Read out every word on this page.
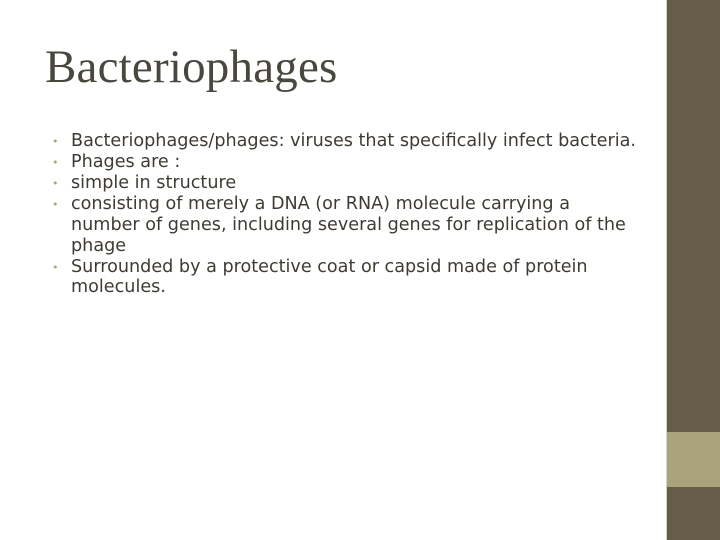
Bacteriophages
• Bacteriophages/phages: viruses that specifically infect bacteria.
• Phages are :
• simple in structure
• consisting of merely a DNA (or RNA) molecule carrying a number of genes, including several genes for replication of the phage
• Surrounded by a protective coat or capsid made of protein molecules.
